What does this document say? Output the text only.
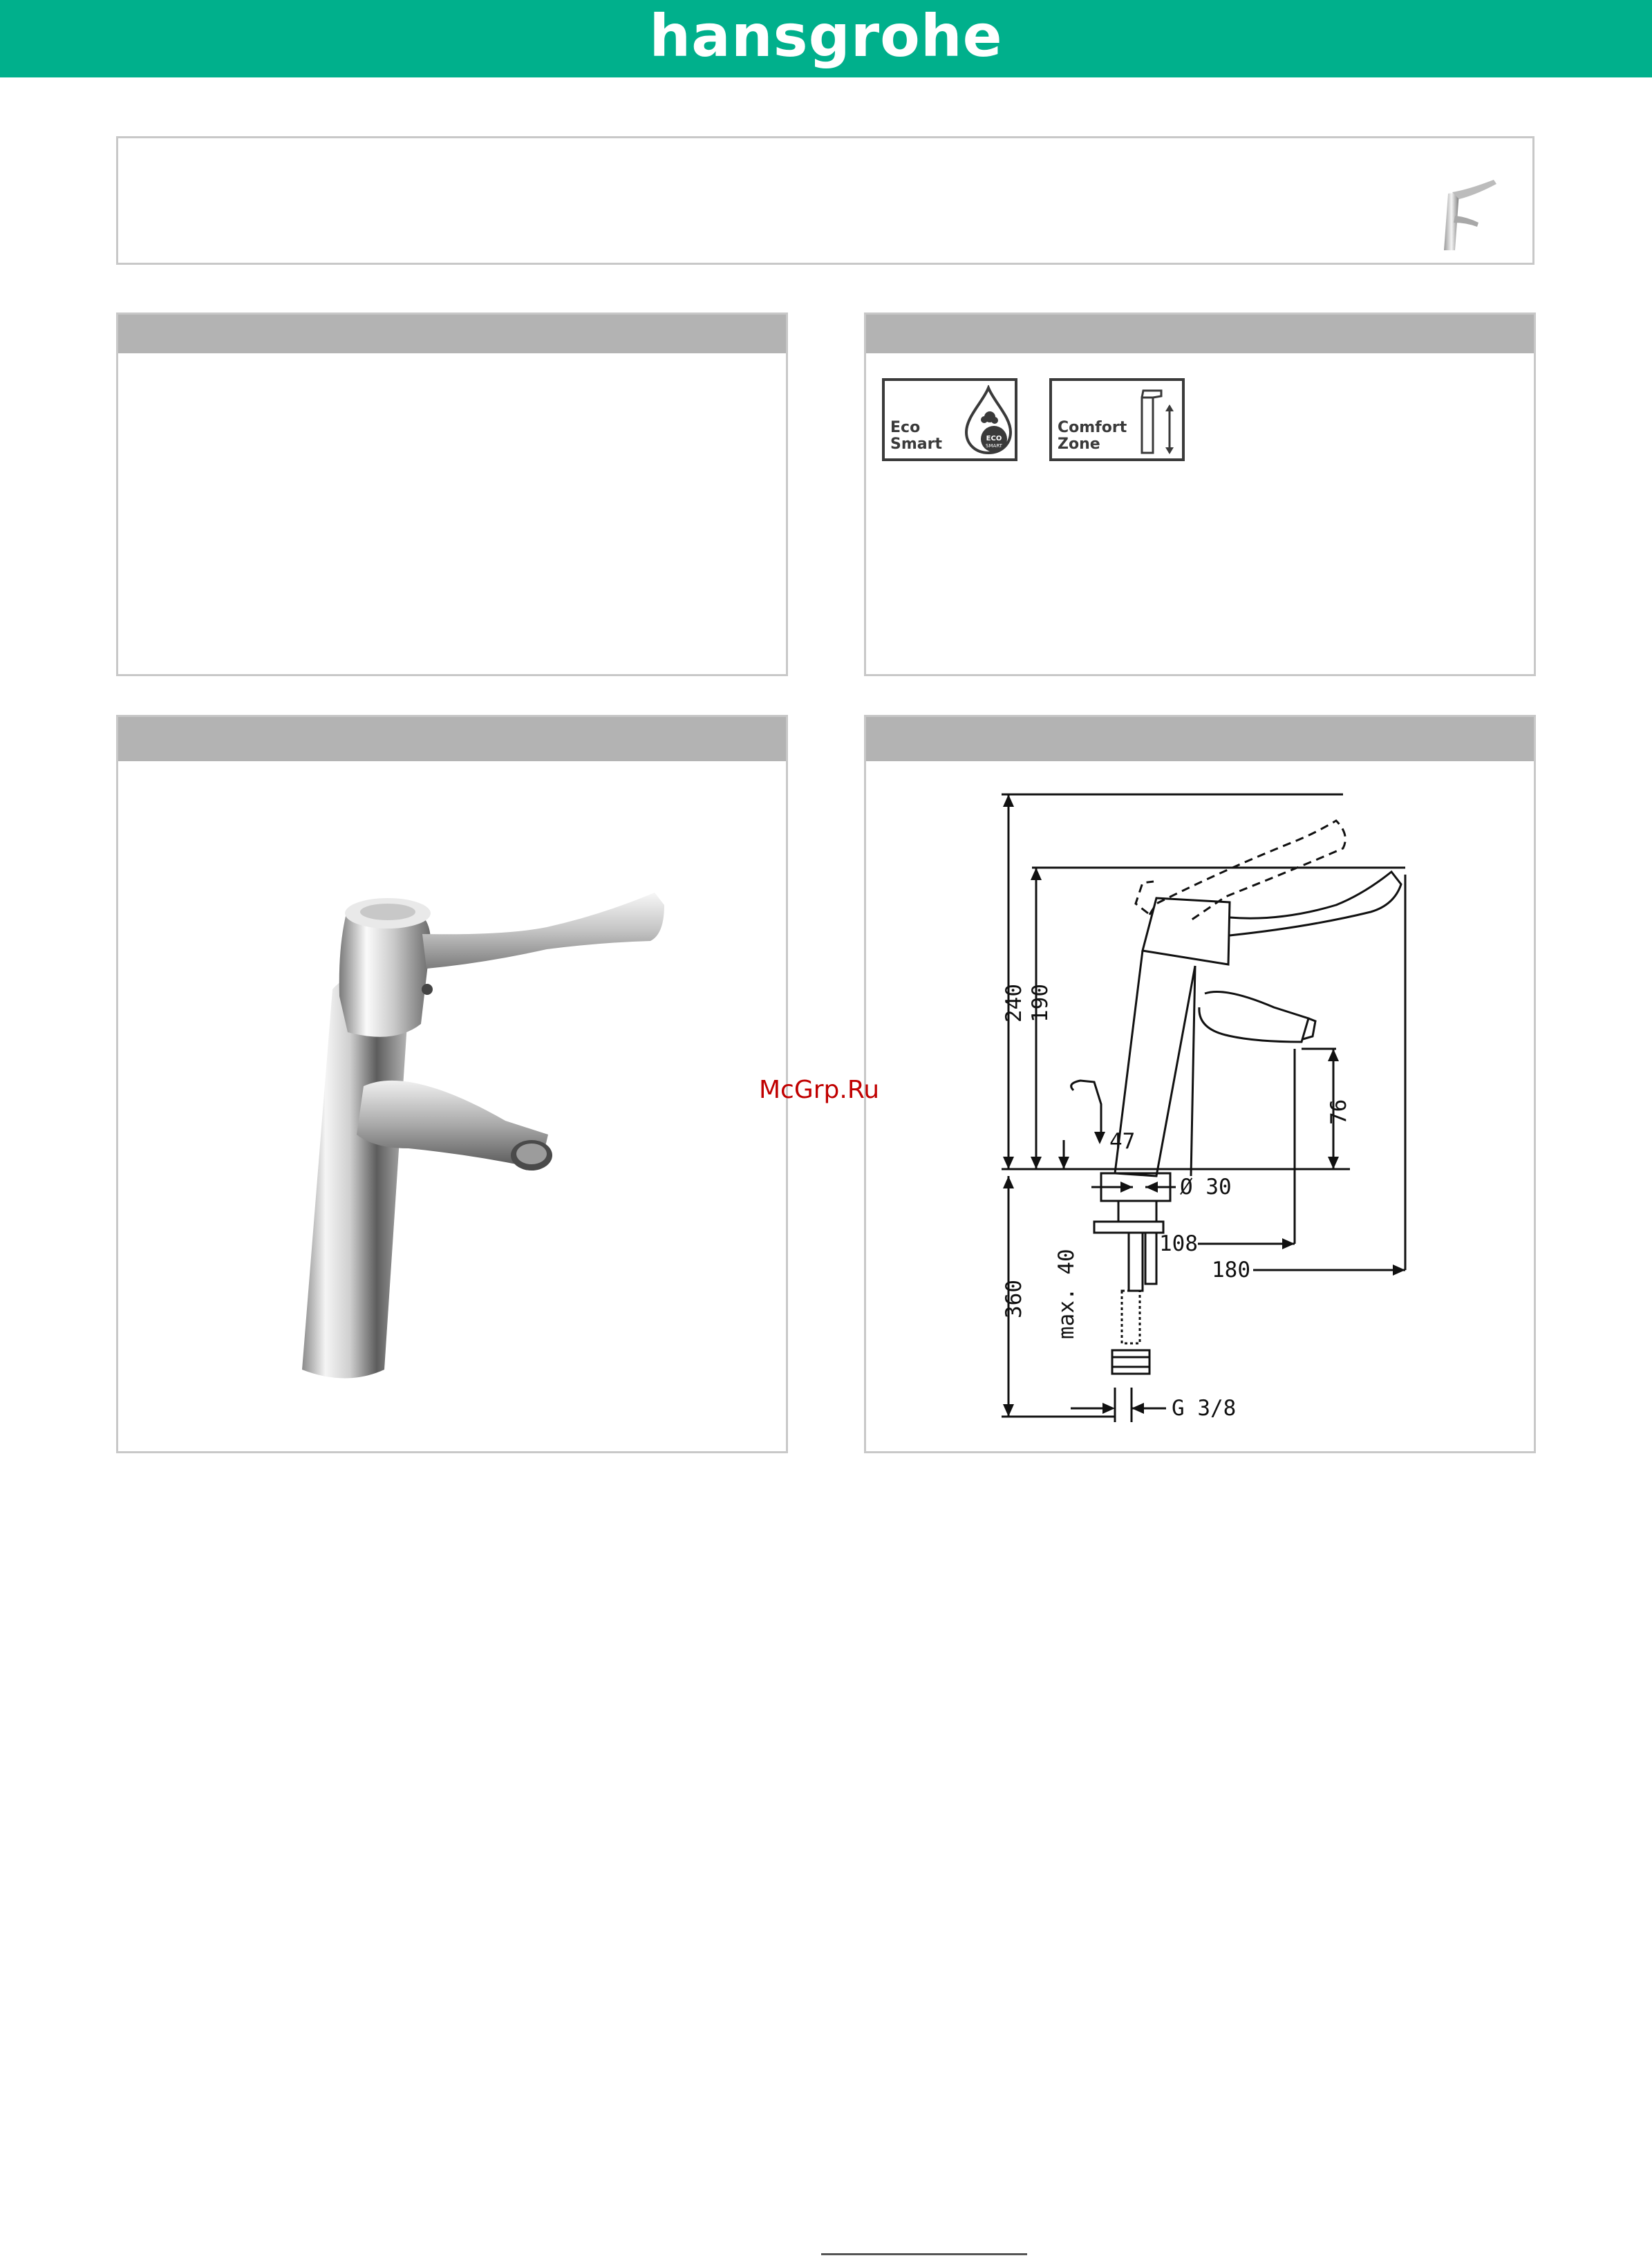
hansgrohe
Eco
Smart	ECO
SMART
Comfort
Zone
240 190
76
47
Ø 30
108
180
360 max. 40
G 3/8
McGrp.Ru
